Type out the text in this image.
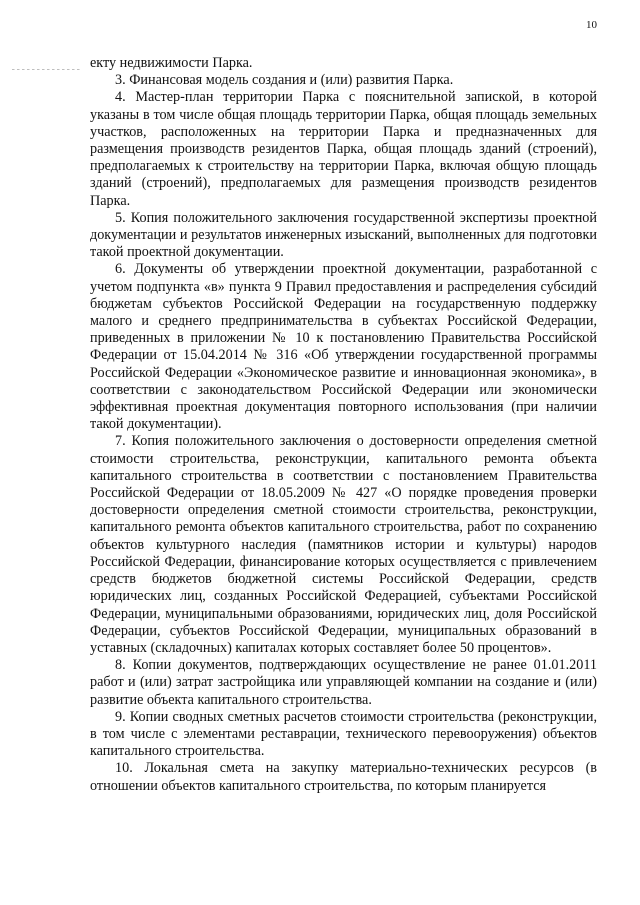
10

екту недвижимости Парка.

3. Финансовая модель создания и (или) развития Парка.

4. Мастер-план территории Парка с пояснительной запиской, в которой указаны в том числе общая площадь территории Парка, общая площадь земельных участков, расположенных на территории Парка и предназначенных для размещения производств резидентов Парка, общая площадь зданий (строений), предполагаемых к строительству на территории Парка, включая общую площадь зданий (строений), предполагаемых для размещения производств резидентов Парка.

5. Копия положительного заключения государственной экспертизы проектной документации и результатов инженерных изысканий, выполненных для подготовки такой проектной документации.

6. Документы об утверждении проектной документации, разработанной с учетом подпункта «в» пункта 9 Правил предоставления и распределения субсидий бюджетам субъектов Российской Федерации на государственную поддержку малого и среднего предпринимательства в субъектах Российской Федерации, приведенных в приложении № 10 к постановлению Правительства Российской Федерации от 15.04.2014 № 316 «Об утверждении государственной программы Российской Федерации «Экономическое развитие и инновационная экономика», в соответствии с законодательством Российской Федерации или экономически эффективная проектная документация повторного использования (при наличии такой документации).

7. Копия положительного заключения о достоверности определения сметной стоимости строительства, реконструкции, капитального ремонта объекта капитального строительства в соответствии с постановлением Правительства Российской Федерации от 18.05.2009 № 427 «О порядке проведения проверки достоверности определения сметной стоимости строительства, реконструкции, капитального ремонта объектов капитального строительства, работ по сохранению объектов культурного наследия (памятников истории и культуры) народов Российской Федерации, финансирование которых осуществляется с привлечением средств бюджетов бюджетной системы Российской Федерации, средств юридических лиц, созданных Российской Федерацией, субъектами Российской Федерации, муниципальными образованиями, юридических лиц, доля Российской Федерации, субъектов Российской Федерации, муниципальных образований в уставных (складочных) капиталах которых составляет более 50 процентов».

8. Копии документов, подтверждающих осуществление не ранее 01.01.2011 работ и (или) затрат застройщика или управляющей компании на создание и (или) развитие объекта капитального строительства.

9. Копии сводных сметных расчетов стоимости строительства (реконструкции, в том числе с элементами реставрации, технического перевооружения) объектов капитального строительства.

10. Локальная смета на закупку материально-технических ресурсов (в отношении объектов капитального строительства, по которым планируется
